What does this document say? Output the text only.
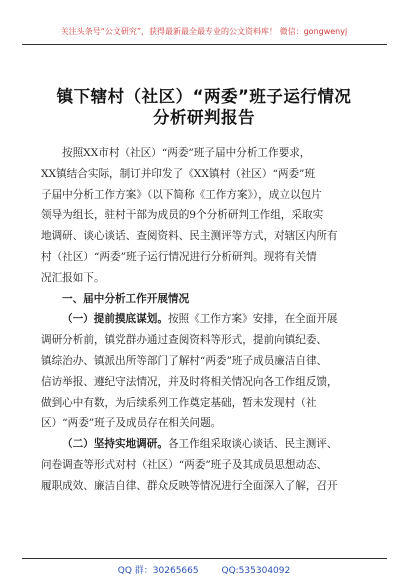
关注头条号“公文研究”，获得最新最全最专业的公文资料库！ 微信：gongwenyj
镇下辖村（社区）“两委”班子运行情况
分析研判报告
按照XX市村（社区）“两委”班子届中分析工作要求，
XX镇结合实际，制订并印发了《XX镇村（社区）“两委”班
子届中分析工作方案》（以下简称《工作方案》），成立以包片
领导为组长，驻村干部为成员的9个分析研判工作组，采取实
地调研、谈心谈话、查阅资料、民主测评等方式，对辖区内所有
村（社区）“两委”班子运行情况进行分析研判。现将有关情
况汇报如下。
一、届中分析工作开展情况
（一）提前摸底谋划。按照《工作方案》安排，在全面开展
调研分析前，镇党群办通过查阅资料等形式，提前向镇纪委、
镇综治办、镇派出所等部门了解村“两委”班子成员廉洁自律、
信访举报、遵纪守法情况，并及时将相关情况向各工作组反馈，
做到心中有数，为后续系列工作奠定基础，暂未发现村（社
区）“两委”班子及成员存在相关问题。
（二）坚持实地调研。各工作组采取谈心谈话、民主测评、
问卷调查等形式对村（社区）“两委”班子及其成员思想动态、
履职成效、廉洁自律、群众反映等情况进行全面深入了解，召开
QQ 群：30265665	QQ:535304092
